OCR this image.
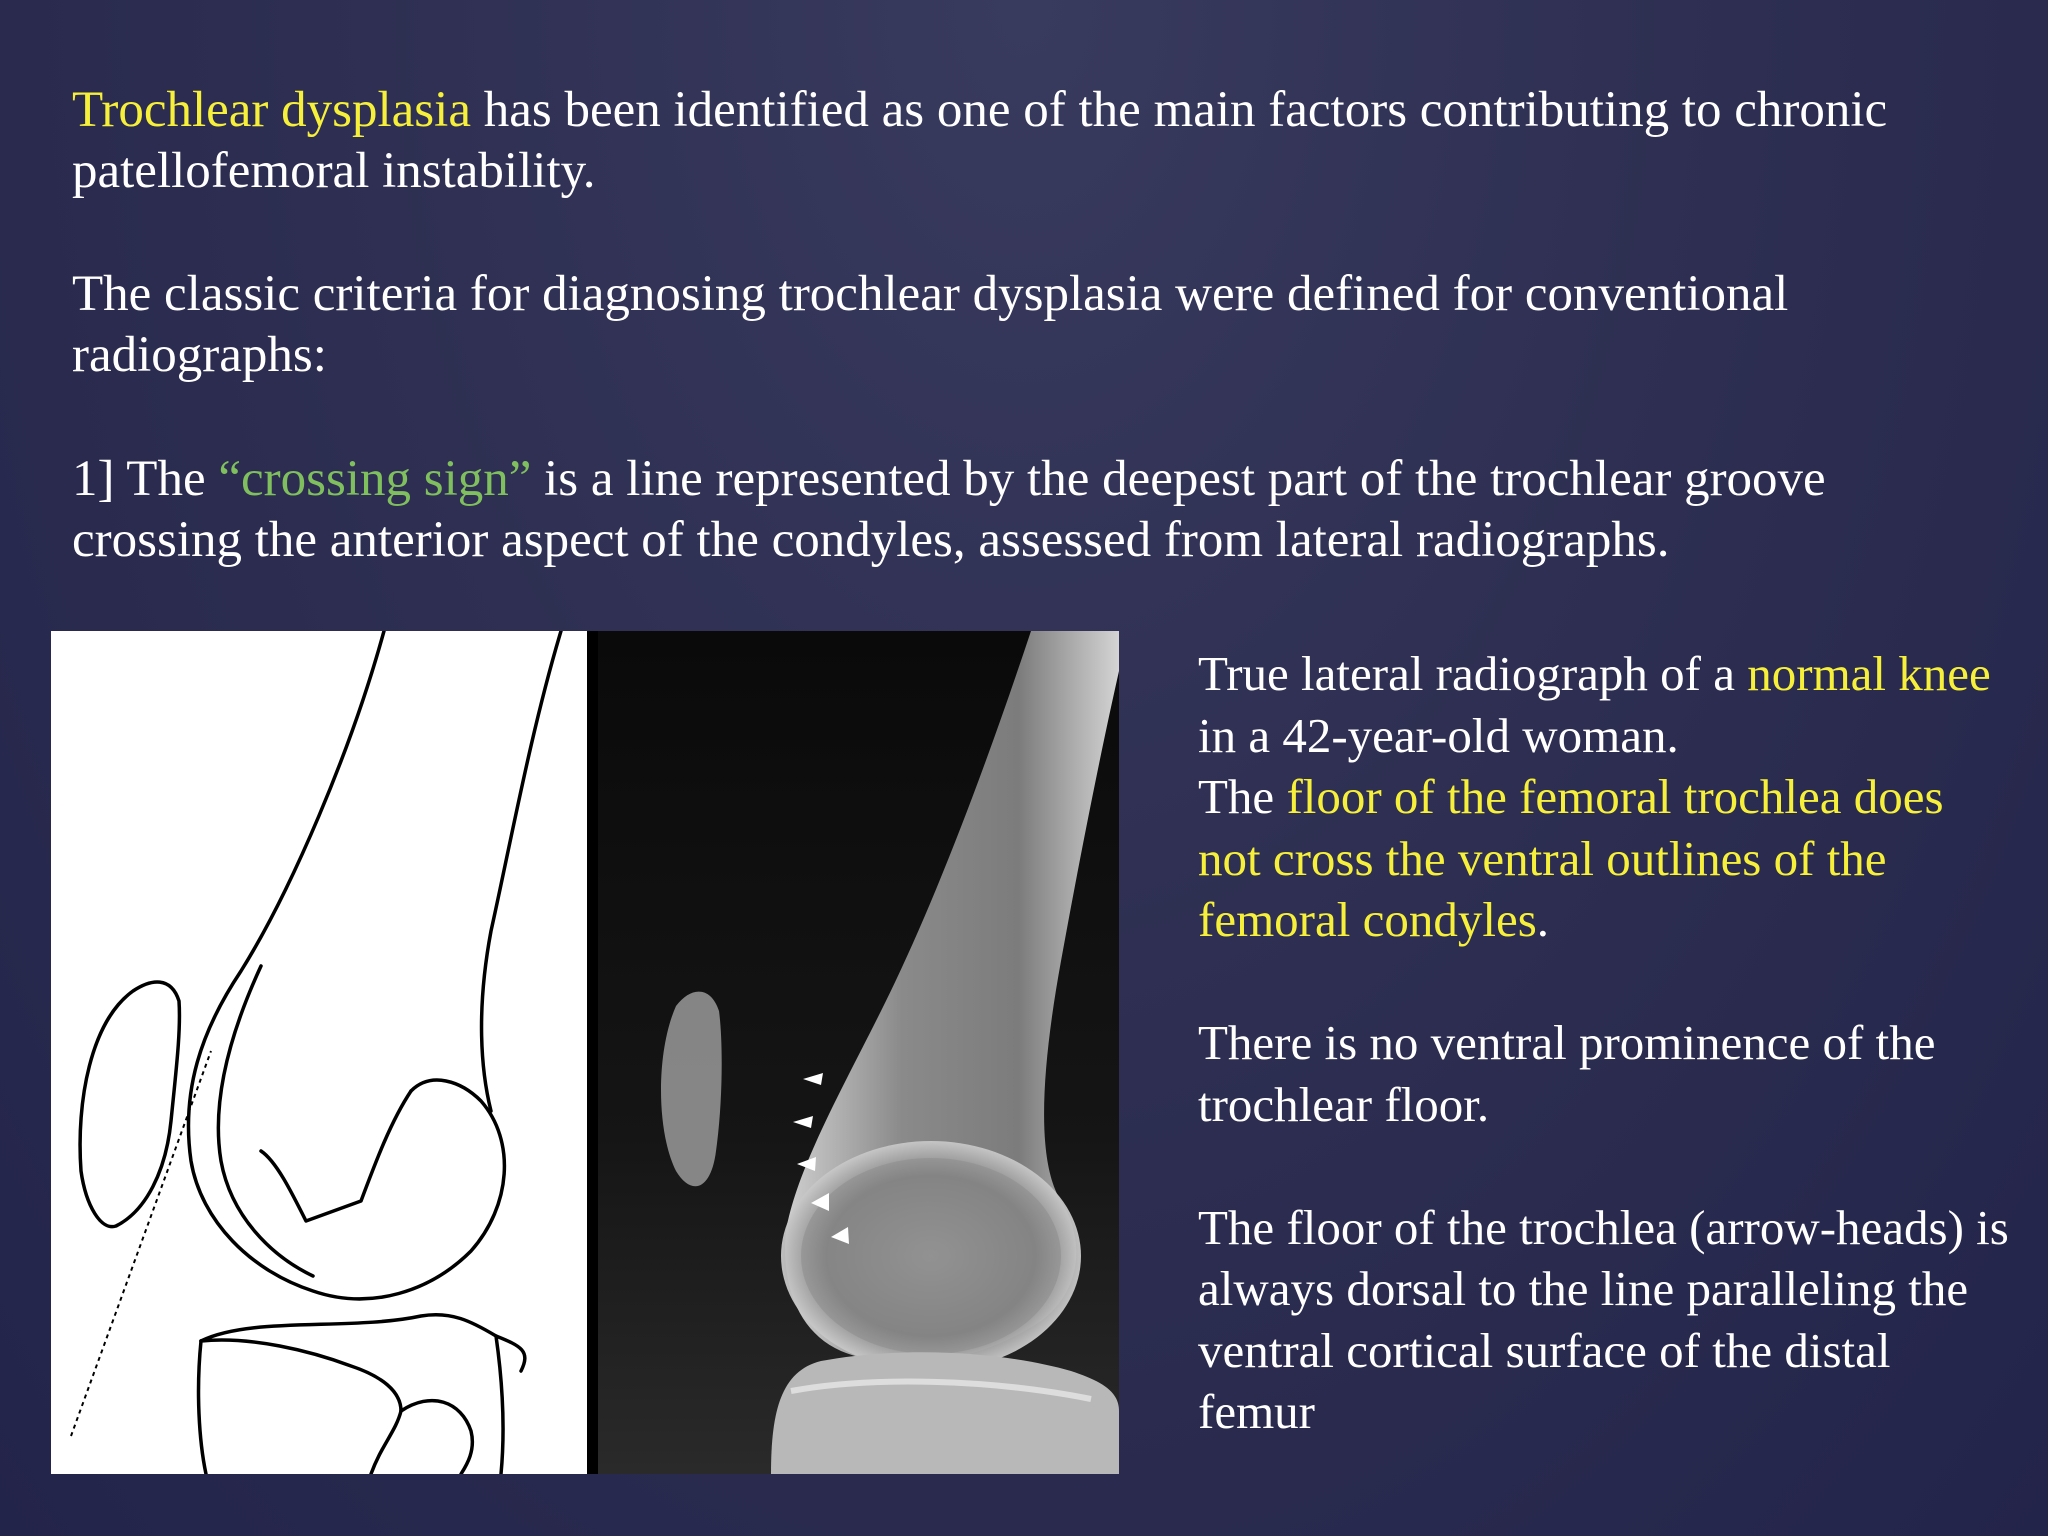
Trochlear dysplasia has been identified as one of the main factors contributing to chronic patellofemoral instability.

The classic criteria for diagnosing trochlear dysplasia were defined for conventional radiographs:

1] The “crossing sign” is a line represented by the deepest part of the trochlear groove crossing the anterior aspect of the condyles, assessed from lateral radiographs.

True lateral radiograph of a normal knee in a 42-year-old woman.
The floor of the femoral trochlea does not cross the ventral outlines of the femoral condyles.
There is no ventral prominence of the trochlear floor.
The floor of the trochlea (arrow-heads) is always dorsal to the line paralleling the ventral cortical surface of the distal femur
